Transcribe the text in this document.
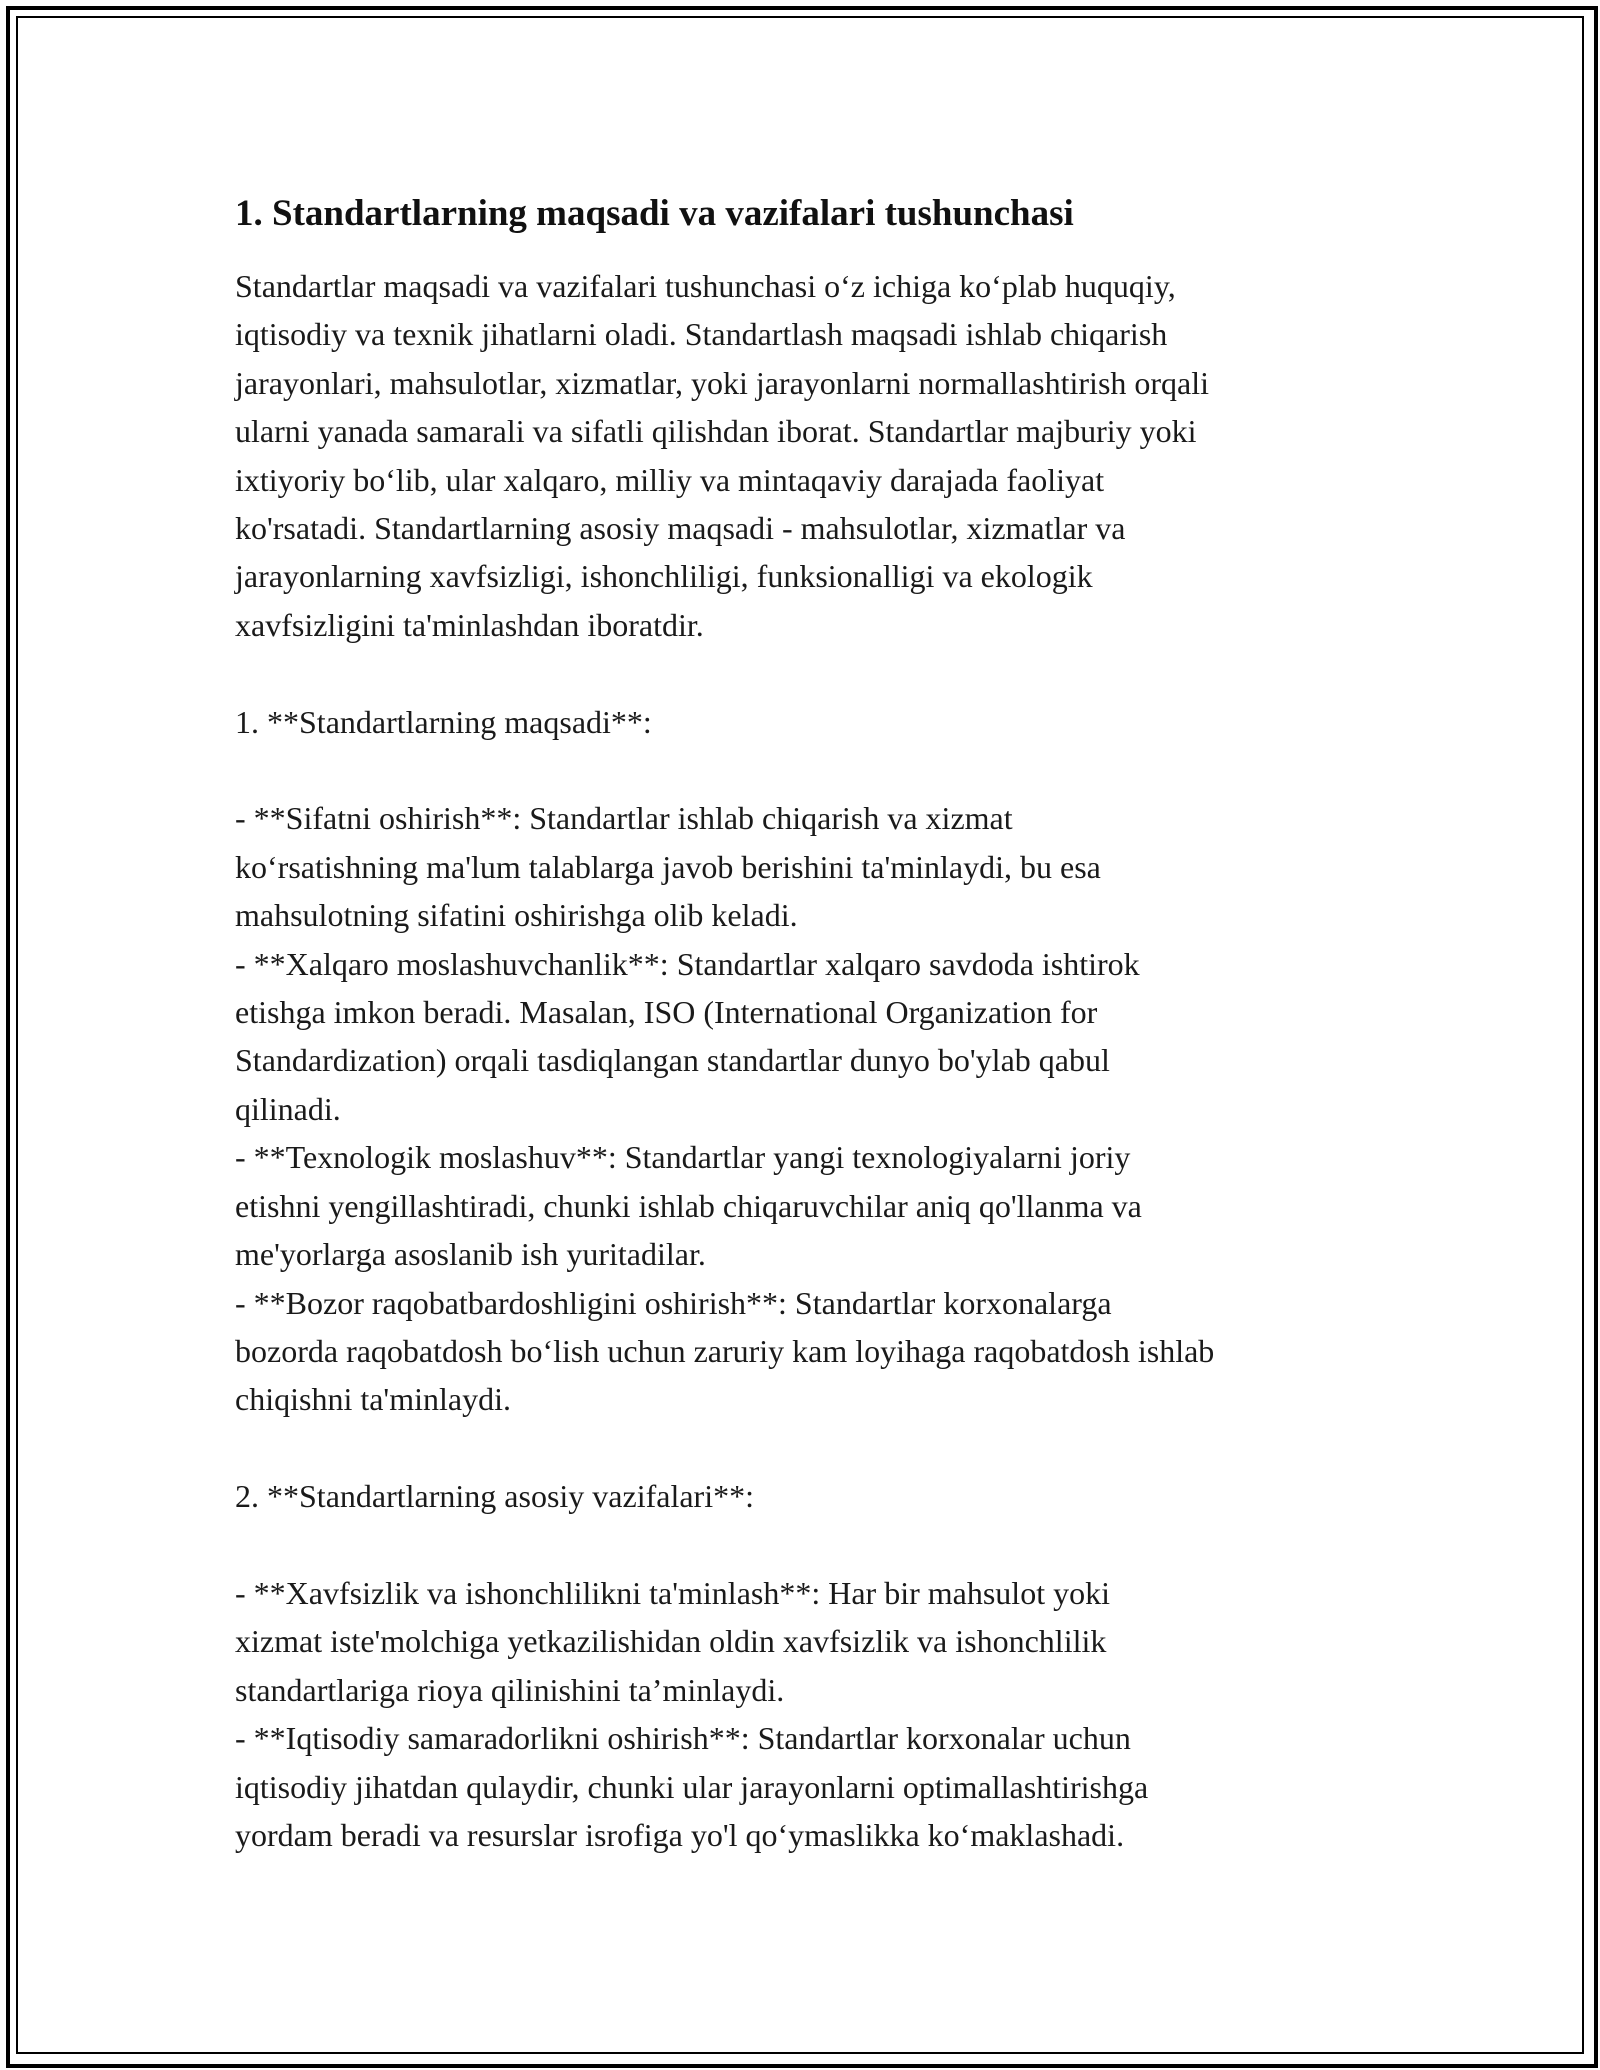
1. Standartlarning maqsadi va vazifalari tushunchasi

Standartlar maqsadi va vazifalari tushunchasi o‘z ichiga ko‘plab huquqiy,
iqtisodiy va texnik jihatlarni oladi. Standartlash maqsadi ishlab chiqarish
jarayonlari, mahsulotlar, xizmatlar, yoki jarayonlarni normallashtirish orqali
ularni yanada samarali va sifatli qilishdan iborat. Standartlar majburiy yoki
ixtiyoriy bo‘lib, ular xalqaro, milliy va mintaqaviy darajada faoliyat
ko'rsatadi. Standartlarning asosiy maqsadi - mahsulotlar, xizmatlar va
jarayonlarning xavfsizligi, ishonchliligi, funksionalligi va ekologik
xavfsizligini ta'minlashdan iboratdir.

1. **Standartlarning maqsadi**:

- **Sifatni oshirish**: Standartlar ishlab chiqarish va xizmat
ko‘rsatishning ma'lum talablarga javob berishini ta'minlaydi, bu esa
mahsulotning sifatini oshirishga olib keladi.

- **Xalqaro moslashuvchanlik**: Standartlar xalqaro savdoda ishtirok
etishga imkon beradi. Masalan, ISO (International Organization for
Standardization) orqali tasdiqlangan standartlar dunyo bo'ylab qabul
qilinadi.

- **Texnologik moslashuv**: Standartlar yangi texnologiyalarni joriy
etishni yengillashtiradi, chunki ishlab chiqaruvchilar aniq qo'llanma va
me'yorlarga asoslanib ish yuritadilar.

- **Bozor raqobatbardoshligini oshirish**: Standartlar korxonalarga
bozorda raqobatdosh bo‘lish uchun zaruriy kam loyihaga raqobatdosh ishlab
chiqishni ta'minlaydi.

2. **Standartlarning asosiy vazifalari**:

- **Xavfsizlik va ishonchlilikni ta'minlash**: Har bir mahsulot yoki
xizmat iste'molchiga yetkazilishidan oldin xavfsizlik va ishonchlilik
standartlariga rioya qilinishini ta’minlaydi.

- **Iqtisodiy samaradorlikni oshirish**: Standartlar korxonalar uchun
iqtisodiy jihatdan qulaydir, chunki ular jarayonlarni optimallashtirishga
yordam beradi va resurslar isrofiga yo'l qo‘ymaslikka ko‘maklashadi.
